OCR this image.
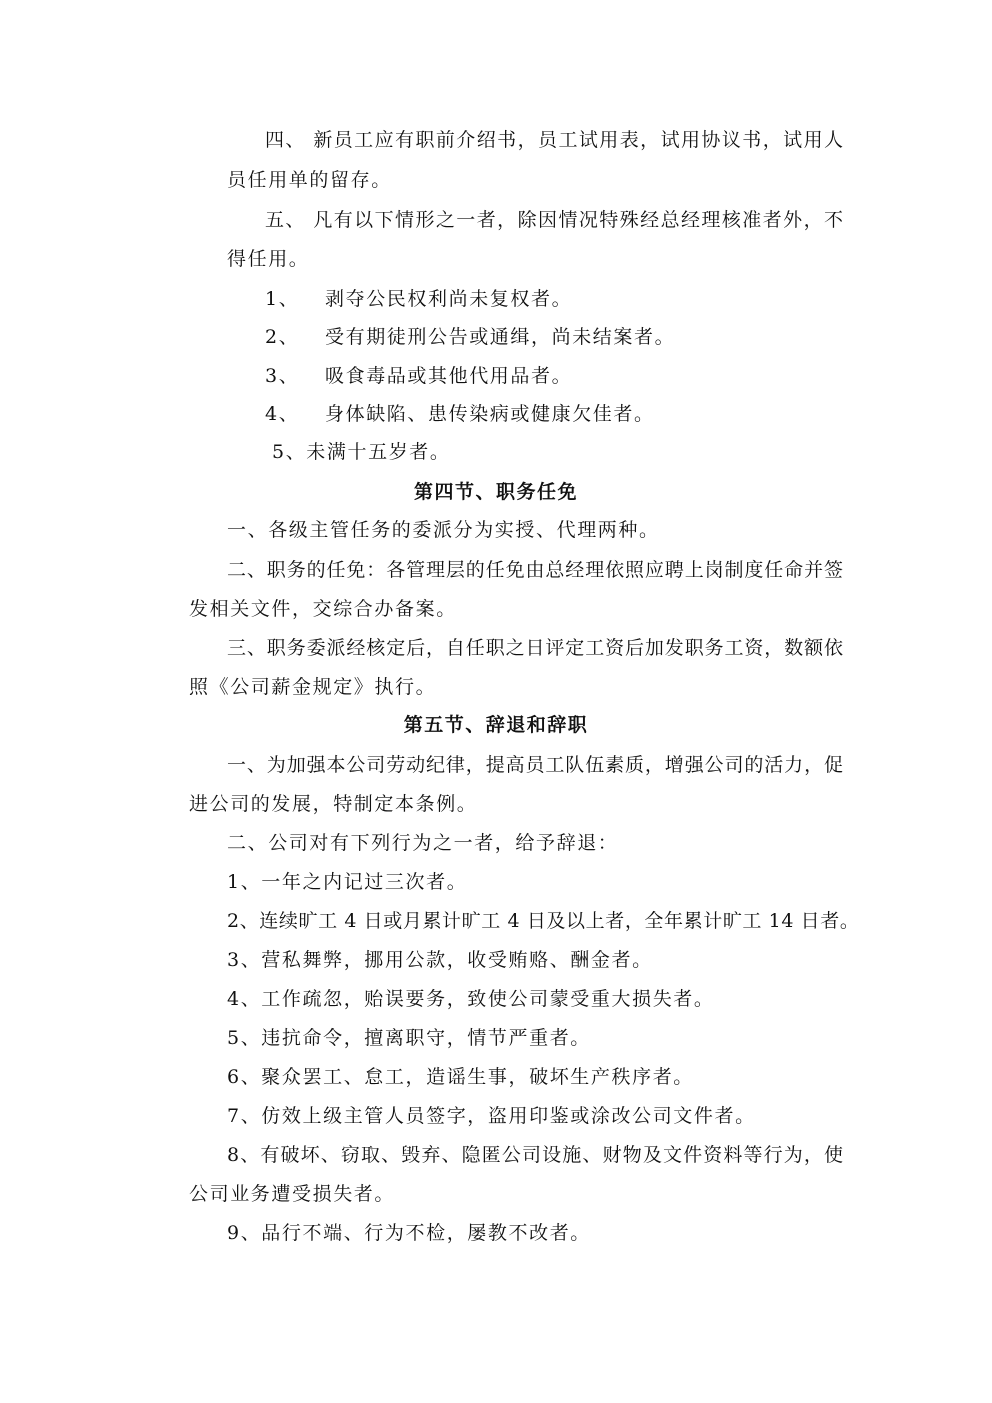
四、 新员工应有职前介绍书，员工试用表，试用协议书，试用人

员任用单的留存。

五、 凡有以下情形之一者，除因情况特殊经总经理核准者外，不

得任用。

1、 剥夺公民权利尚未复权者。

2、 受有期徒刑公告或通缉，尚未结案者。

3、 吸食毒品或其他代用品者。

4、 身体缺陷、患传染病或健康欠佳者。

5、未满十五岁者。

第四节、职务任免

一、各级主管任务的委派分为实授、代理两种。

二、职务的任免：各管理层的任免由总经理依照应聘上岗制度任命并签

发相关文件，交综合办备案。

三、职务委派经核定后，自任职之日评定工资后加发职务工资，数额依

照《公司薪金规定》执行。

第五节、辞退和辞职

一、为加强本公司劳动纪律，提高员工队伍素质，增强公司的活力，促

进公司的发展，特制定本条例。

二、公司对有下列行为之一者，给予辞退：

1、一年之内记过三次者。

2、连续旷工 4 日或月累计旷工 4 日及以上者，全年累计旷工 14 日者。

3、营私舞弊，挪用公款，收受贿赂、酬金者。

4、工作疏忽，贻误要务，致使公司蒙受重大损失者。

5、违抗命令，擅离职守，情节严重者。

6、聚众罢工、怠工，造谣生事，破坏生产秩序者。

7、仿效上级主管人员签字，盗用印鉴或涂改公司文件者。

8、有破坏、窃取、毁弃、隐匿公司设施、财物及文件资料等行为，使

公司业务遭受损失者。

9、品行不端、行为不检，屡教不改者。
